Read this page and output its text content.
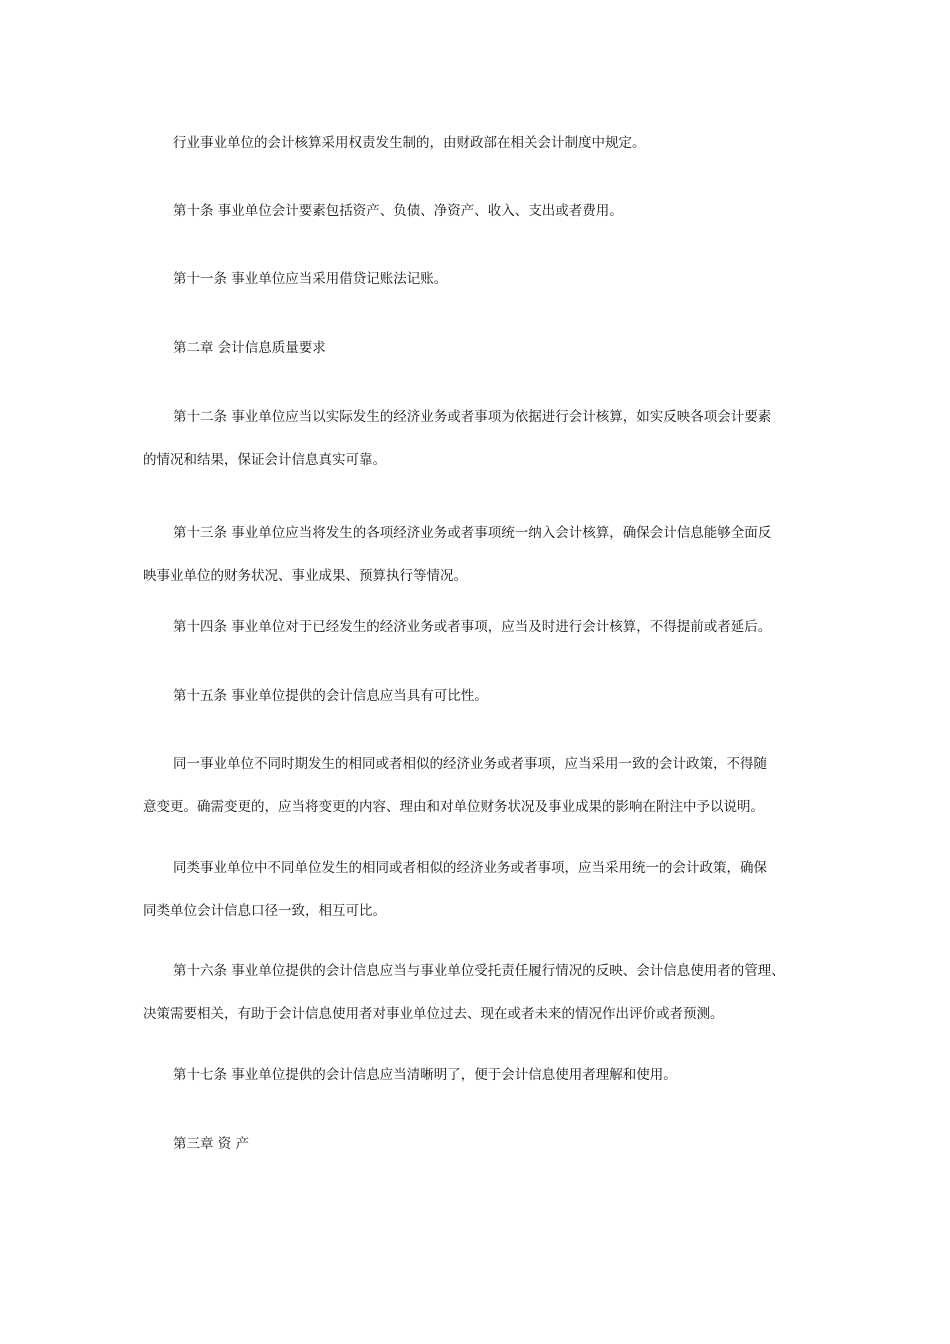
行业事业单位的会计核算采用权责发生制的，由财政部在相关会计制度中规定。

第十条 事业单位会计要素包括资产、负债、净资产、收入、支出或者费用。

第十一条 事业单位应当采用借贷记账法记账。

第二章 会计信息质量要求

第十二条 事业单位应当以实际发生的经济业务或者事项为依据进行会计核算，如实反映各项会计要素
的情况和结果，保证会计信息真实可靠。

第十三条 事业单位应当将发生的各项经济业务或者事项统一纳入会计核算，确保会计信息能够全面反
映事业单位的财务状况、事业成果、预算执行等情况。

第十四条 事业单位对于已经发生的经济业务或者事项，应当及时进行会计核算，不得提前或者延后。

第十五条 事业单位提供的会计信息应当具有可比性。

同一事业单位不同时期发生的相同或者相似的经济业务或者事项，应当采用一致的会计政策，不得随
意变更。确需变更的，应当将变更的内容、理由和对单位财务状况及事业成果的影响在附注中予以说明。

同类事业单位中不同单位发生的相同或者相似的经济业务或者事项，应当采用统一的会计政策，确保
同类单位会计信息口径一致，相互可比。

第十六条 事业单位提供的会计信息应当与事业单位受托责任履行情况的反映、会计信息使用者的管理、
决策需要相关，有助于会计信息使用者对事业单位过去、现在或者未来的情况作出评价或者预测。

第十七条 事业单位提供的会计信息应当清晰明了，便于会计信息使用者理解和使用。

第三章 资 产
